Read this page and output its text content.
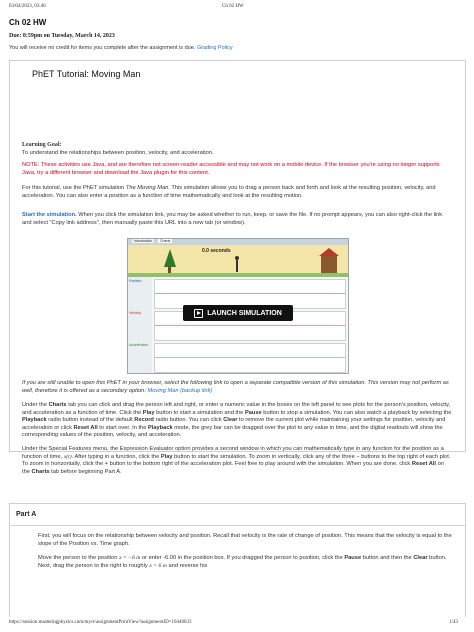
03/04/2023, 03:40	Ch 02 HW
Ch 02 HW
Due: 8:59pm on Tuesday, March 14, 2023
You will receive no credit for items you complete after the assignment is due. Grading Policy
PhET Tutorial: Moving Man

Learning Goal:

To understand the relationships between position, velocity, and acceleration.

NOTE: These activities use Java, and are therefore not screen-reader accessible and may not work on a mobile device. If the browser you're using no longer supports Java, try a different browser and download the Java plugin for this content.
For this tutorial, use the PhET simulation The Moving Man. This simulation allows you to drag a person back and forth and look at the resulting position, velocity, and acceleration. You can also enter a position as a function of time mathematically and look at the resulting motion.
Start the simulation. When you click the simulation link, you may be asked whether to run, keep, or save the file. If no prompt appears, you can also right-click the link and select "Copy link address", then manually paste this URL into a new tab (or window).
Introduction	Charts
0.0 seconds
Position
Velocity
Acceleration
LAUNCH SIMULATION
If you are still unable to open this PhET in your browser, select the following link to open a separate compatible version of this simulation. This version may not perform as well, therefore it is offered as a secondary option: Moving Man (backup link)
Under the Charts tab you can click and drag the person left and right, or enter a numeric value in the boxes on the left panel to see plots for the person's position, velocity, and acceleration as a function of time. Click the Play button to start a simulation and the Pause button to stop a simulation. You can also watch a playback by selecting the Playback radio button instead of the default Record radio button. You can click Clear to remove the current plot while maintaining your settings for position, velocity and acceleration or click Reset All to start over. In the Playback mode, the grey bar can be dragged over the plot to any value in time, and the digital readouts will show the corresponding values of the position, velocity, and acceleration.
Under the Special Features menu, the Expression Evaluator option provides a second window in which you can mathematically type in any function for the position as a function of time, x(t). After typing in a function, click the Play button to start the simulation. To zoom in vertically, click any of the three − buttons to the top right of each plot. To zoom in horizontally, click the + button to the bottom right of the acceleration plot. Feel free to play around with the simulation. When you are done, click Reset All on the Charts tab before beginning Part A.
Part A
First, you will focus on the relationship between velocity and position. Recall that velocity is the rate of change of position. This means that the velocity is equal to the slope of the Position vs. Time graph.
Move the person to the position x = −6 m or enter -6.00 in the position box. If you dragged the person to position, click the Pause button and then the Clear button. Next, drag the person to the right to roughly x = 6 m and reverse his
https://session.masteringphysics.com/myct/assignmentPrintView?assignmentID=10440633	1/43
